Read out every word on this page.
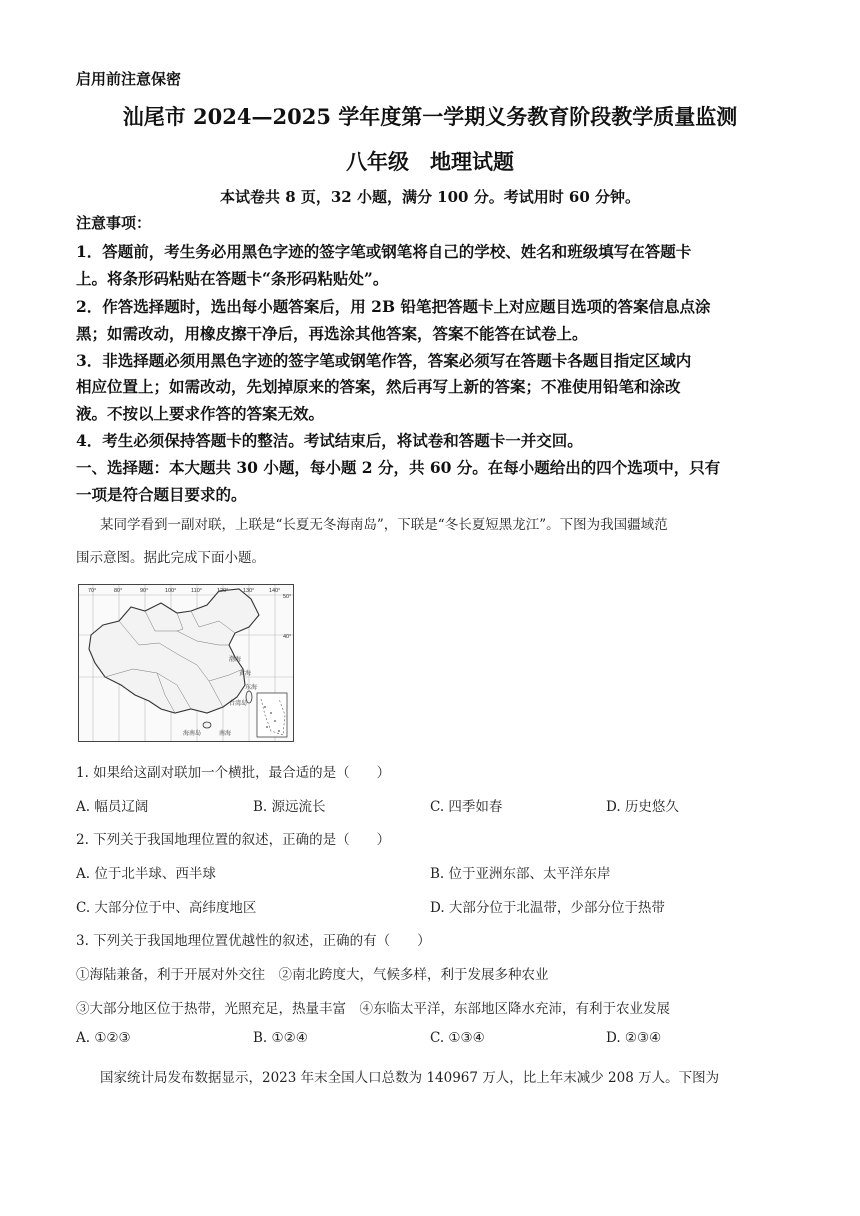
启用前注意保密
汕尾市 2024—2025 学年度第一学期义务教育阶段教学质量监测
八年级　地理试题
本试卷共 8 页，32 小题，满分 100 分。考试用时 60 分钟。
注意事项：
1．答题前，考生务必用黑色字迹的签字笔或钢笔将自己的学校、姓名和班级填写在答题卡
上。将条形码粘贴在答题卡“条形码粘贴处”。
2．作答选择题时，选出每小题答案后，用 2B 铅笔把答题卡上对应题目选项的答案信息点涂
黑；如需改动，用橡皮擦干净后，再选涂其他答案，答案不能答在试卷上。
3．非选择题必须用黑色字迹的签字笔或钢笔作答，答案必须写在答题卡各题目指定区域内
相应位置上；如需改动，先划掉原来的答案，然后再写上新的答案；不准使用铅笔和涂改
液。不按以上要求作答的答案无效。
4．考生必须保持答题卡的整洁。考试结束后，将试卷和答题卡一并交回。
一、选择题：本大题共 30 小题，每小题 2 分，共 60 分。在每小题给出的四个选项中，只有
一项是符合题目要求的。
某同学看到一副对联，上联是“长夏无冬海南岛”，下联是“冬长夏短黑龙江”。下图为我国疆域范
围示意图。据此完成下面小题。
70°	80°	90°	100°	110°	120°	130°	140°
50°
40°
渤海
黄海
东海
台湾岛
南海
海南岛
1. 如果给这副对联加一个横批，最合适的是（　　）
A. 幅员辽阔	B. 源远流长	C. 四季如春	D. 历史悠久
2. 下列关于我国地理位置的叙述，正确的是（　　）
A. 位于北半球、西半球	B. 位于亚洲东部、太平洋东岸
C. 大部分位于中、高纬度地区	D. 大部分位于北温带，少部分位于热带
3. 下列关于我国地理位置优越性的叙述，正确的有（　　）
①海陆兼备，利于开展对外交往　②南北跨度大，气候多样，利于发展多种农业
③大部分地区位于热带，光照充足，热量丰富　④东临太平洋，东部地区降水充沛，有利于农业发展
A. ①②③	B. ①②④	C. ①③④	D. ②③④
国家统计局发布数据显示，2023 年末全国人口总数为 140967 万人，比上年末减少 208 万人。下图为
